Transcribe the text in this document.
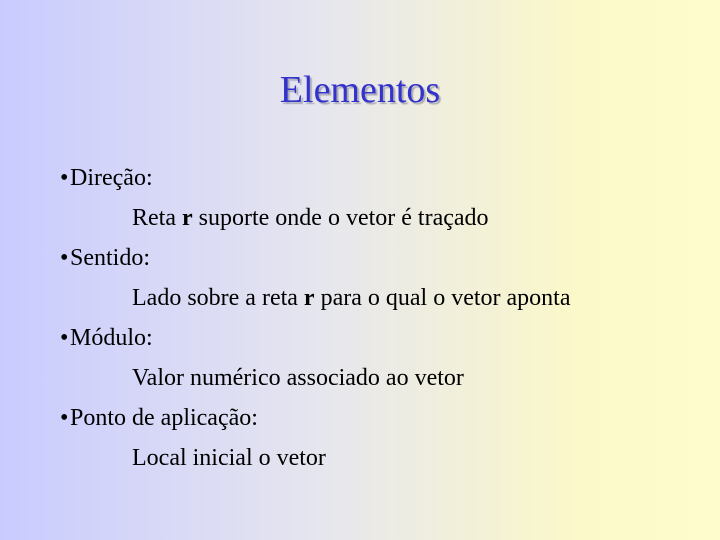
Elementos
•Direção:
Reta r suporte onde o vetor é traçado
•Sentido:
Lado sobre a reta r para o qual o vetor aponta
•Módulo:
Valor numérico associado ao vetor
•Ponto de aplicação:
Local inicial o vetor
